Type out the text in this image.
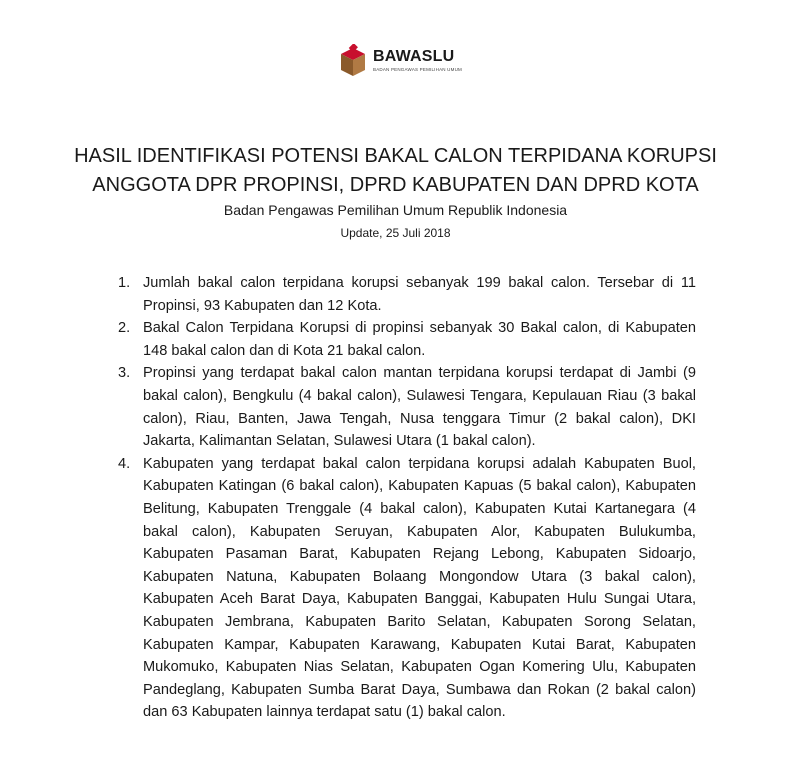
BAWASLU
BADAN PENGAWAS PEMILIHAN UMUM
HASIL IDENTIFIKASI POTENSI BAKAL CALON TERPIDANA KORUPSI
ANGGOTA DPR PROPINSI, DPRD KABUPATEN DAN DPRD KOTA
Badan Pengawas Pemilihan Umum Republik Indonesia
Update, 25 Juli 2018
1. Jumlah bakal calon terpidana korupsi sebanyak 199 bakal calon. Tersebar di 11 Propinsi, 93 Kabupaten dan 12 Kota.
2. Bakal Calon Terpidana Korupsi di propinsi sebanyak 30 Bakal calon, di Kabupaten 148 bakal calon dan di Kota 21 bakal calon.
3. Propinsi yang terdapat bakal calon mantan terpidana korupsi terdapat di Jambi (9 bakal calon), Bengkulu (4 bakal calon), Sulawesi Tengara, Kepulauan Riau (3 bakal calon), Riau, Banten, Jawa Tengah, Nusa tenggara Timur (2 bakal calon), DKI Jakarta, Kalimantan Selatan, Sulawesi Utara (1 bakal calon).
4. Kabupaten yang terdapat bakal calon terpidana korupsi adalah Kabupaten Buol, Kabupaten Katingan (6 bakal calon), Kabupaten Kapuas (5 bakal calon), Kabupaten Belitung, Kabupaten Trenggale (4 bakal calon), Kabupaten Kutai Kartanegara (4 bakal calon), Kabupaten Seruyan, Kabupaten Alor, Kabupaten Bulukumba, Kabupaten Pasaman Barat, Kabupaten Rejang Lebong, Kabupaten Sidoarjo, Kabupaten Natuna, Kabupaten Bolaang Mongondow Utara (3 bakal calon), Kabupaten Aceh Barat Daya, Kabupaten Banggai, Kabupaten Hulu Sungai Utara, Kabupaten Jembrana, Kabupaten Barito Selatan, Kabupaten Sorong Selatan, Kabupaten Kampar, Kabupaten Karawang, Kabupaten Kutai Barat, Kabupaten Mukomuko, Kabupaten Nias Selatan, Kabupaten Ogan Komering Ulu, Kabupaten Pandeglang, Kabupaten Sumba Barat Daya, Sumbawa dan Rokan (2 bakal calon) dan 63 Kabupaten lainnya terdapat satu (1) bakal calon.
